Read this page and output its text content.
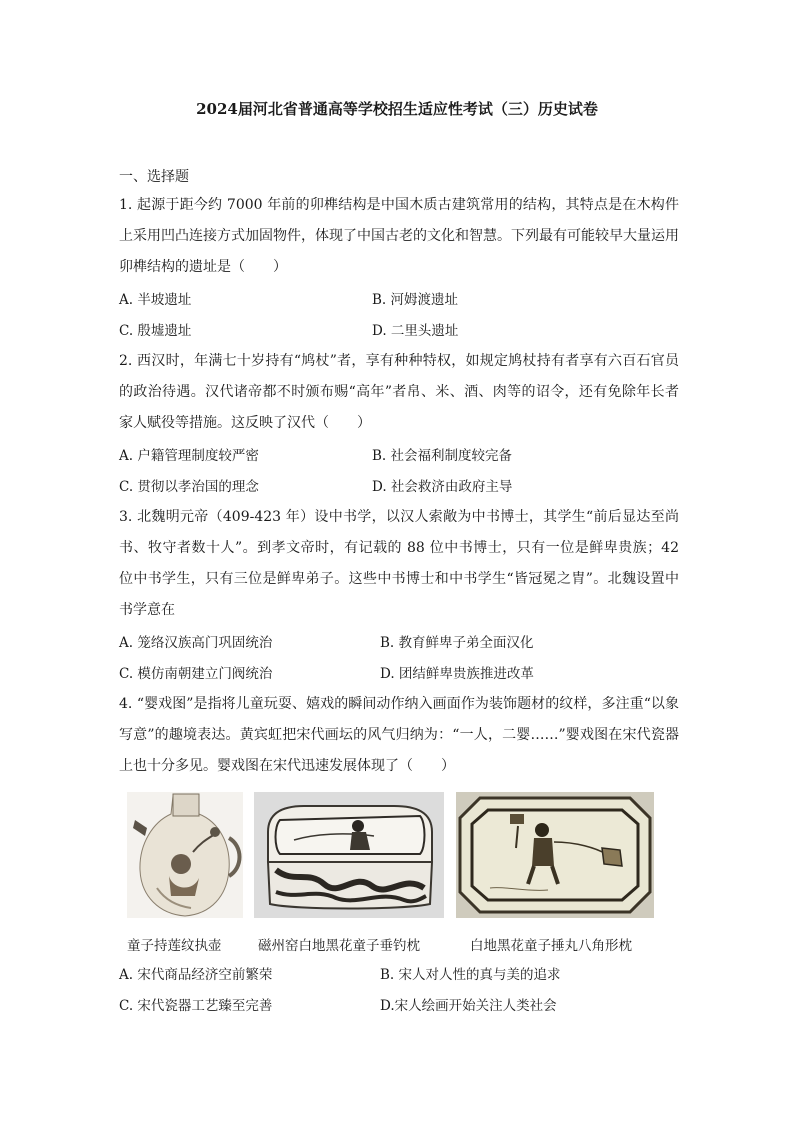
2024届河北省普通高等学校招生适应性考试（三）历史试卷
一、选择题
1. 起源于距今约 7000 年前的卯榫结构是中国木质古建筑常用的结构，其特点是在木构件上采用凹凸连接方式加固物件，体现了中国古老的文化和智慧。下列最有可能较早大量运用卯榫结构的遗址是（　　）
A. 半坡遗址	B. 河姆渡遗址
C. 殷墟遗址	D. 二里头遗址
2. 西汉时，年满七十岁持有“鸠杖”者，享有种种特权，如规定鸠杖持有者享有六百石官员的政治待遇。汉代诸帝都不时颁布赐“高年”者帛、米、酒、肉等的诏令，还有免除年长者家人赋役等措施。这反映了汉代（　　）
A. 户籍管理制度较严密	B. 社会福利制度较完备
C. 贯彻以孝治国的理念	D. 社会救济由政府主导
3. 北魏明元帝（409-423 年）设中书学，以汉人索敞为中书博士，其学生“前后显达至尚书、牧守者数十人”。到孝文帝时，有记载的 88 位中书博士，只有一位是鲜卑贵族；42 位中书学生，只有三位是鲜卑弟子。这些中书博士和中书学生“皆冠冕之胄”。北魏设置中书学意在
A. 笼络汉族高门巩固统治	B. 教育鲜卑子弟全面汉化
C. 模仿南朝建立门阀统治	D. 团结鲜卑贵族推进改革
4. “婴戏图”是指将儿童玩耍、嬉戏的瞬间动作纳入画面作为装饰题材的纹样，多注重“以象写意”的趣境表达。黄宾虹把宋代画坛的风气归纳为：“一人，二婴……”婴戏图在宋代瓷器上也十分多见。婴戏图在宋代迅速发展体现了（　　）
童子持莲纹执壶	磁州窑白地黑花童子垂钓枕	白地黑花童子捶丸八角形枕
A. 宋代商品经济空前繁荣	B. 宋人对人性的真与美的追求
C. 宋代瓷器工艺臻至完善	D.宋人绘画开始关注人类社会
